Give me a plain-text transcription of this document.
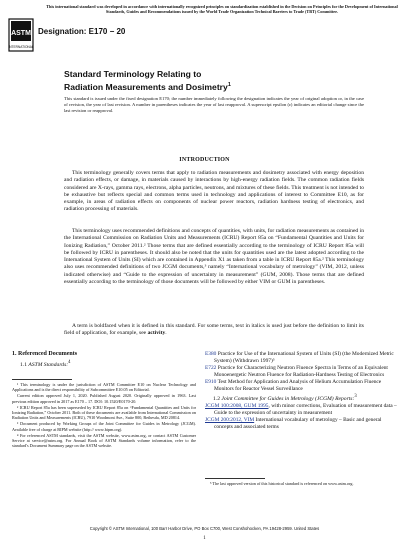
This international standard was developed in accordance with internationally recognized principles on standardization established in the Decision on Principles for the Development of International Standards, Guides and Recommendations issued by the World Trade Organization Technical Barriers to Trade (TBT) Committee.
ASTM
INTERNATIONAL
Designation: E170 − 20
Standard Terminology Relating to
Radiation Measurements and Dosimetry$^1$
This standard is issued under the fixed designation E170; the number immediately following the designation indicates the year of original adoption or, in the case of revision, the year of last revision. A number in parentheses indicates the year of last reapproval. A superscript epsilon (ε) indicates an editorial change since the last revision or reapproval.
INTRODUCTION
This terminology generally covers terms that apply to radiation measurements and dosimetry associated with energy deposition and radiation effects, or damage, in materials caused by interactions by high-energy radiation fields. The common radiation fields considered are X-rays, gamma rays, electrons, alpha particles, neutrons, and mixtures of these fields. This treatment is not intended to be exhaustive but reflects special and common terms used in technology and applications of interest to Committee E10, as for example, in areas of radiation effects on components of nuclear power reactors, radiation hardness testing of electronics, and radiation processing of materials.
This terminology uses recommended definitions and concepts of quantities, with units, for radiation measurements as contained in the International Commission on Radiation Units and Measurements (ICRU) Report 85a on “Fundamental Quantities and Units for Ionizing Radiation,” October 2011.² Those terms that are defined essentially according to the terminology of ICRU Report 85a will be followed by ICRU in parentheses. It should also be noted that the units for quantities used are the latest adopted according to the International System of Units (SI) which are contained in Appendix X1 as taken from a table in ICRU Report 85a.² This terminology also uses recommended definitions of two JCGM documents,³ namely “International vocabulary of metrology” (VIM, 2012, unless indicated otherwise) and “Guide to the expression of uncertainty in measurement” (GUM, 2008). Those terms that are defined essentially according to the terminology of those documents will be followed by either VIM or GUM in parentheses.
A term is boldfaced when it is defined in this standard. For some terms, text in italics is used just before the definition to limit its field of application, for example, see activity.
1. Referenced Documents
1.1 ASTM Standards:$^4$
¹ This terminology is under the jurisdiction of ASTM Committee E10 on Nuclear Technology and Applications and is the direct responsibility of Subcommittee E10.05 on Editorial.
Current edition approved July 1, 2020. Published August 2020. Originally approved in 1963. Last previous edition approved in 2017 as E170 – 17. DOI: 10.1520/E0170-20.
² ICRU Report 85a has been superseded by ICRU Report 85a on “Fundamental Quantities and Units for Ionizing Radiation,” October 2011. Both of these documents are available from International Commission on Radiation Units and Measurements (ICRU), 7910 Woodmont Ave., Suite 800, Bethesda, MD 20814.
³ Document produced by Working Groups of the Joint Committee for Guides in Metrology (JCGM). Available free of charge at BIPM website (http:// www.bipm.org).
⁴ For referenced ASTM standards, visit the ASTM website, www.astm.org, or contact ASTM Customer Service at service@astm.org. For Annual Book of ASTM Standards volume information, refer to the standard's Document Summary page on the ASTM website.
E380 Practice for Use of the International System of Units (SI) (the Modernized Metric System) (Withdrawn 1997)⁵
E722 Practice for Characterizing Neutron Fluence Spectra in Terms of an Equivalent Monoenergetic Neutron Fluence for Radiation-Hardness Testing of Electronics
E910 Test Method for Application and Analysis of Helium Accumulation Fluence Monitors for Reactor Vessel Surveillance
1.2 Joint Committee for Guides in Metrology (JCGM) Reports:$^3$
JCGM 100:2008, GUM 1995, with minor corrections, Evaluation of measurement data – Guide to the expression of uncertainty in measurement
JCGM 200:2012, VIM International vocabulary of metrology – Basic and general concepts and associated terms
⁵ The last approved version of this historical standard is referenced on www.astm.org.
Copyright © ASTM International, 100 Barr Harbor Drive, PO Box C700, West Conshohocken, PA 19428-2959. United States
1
